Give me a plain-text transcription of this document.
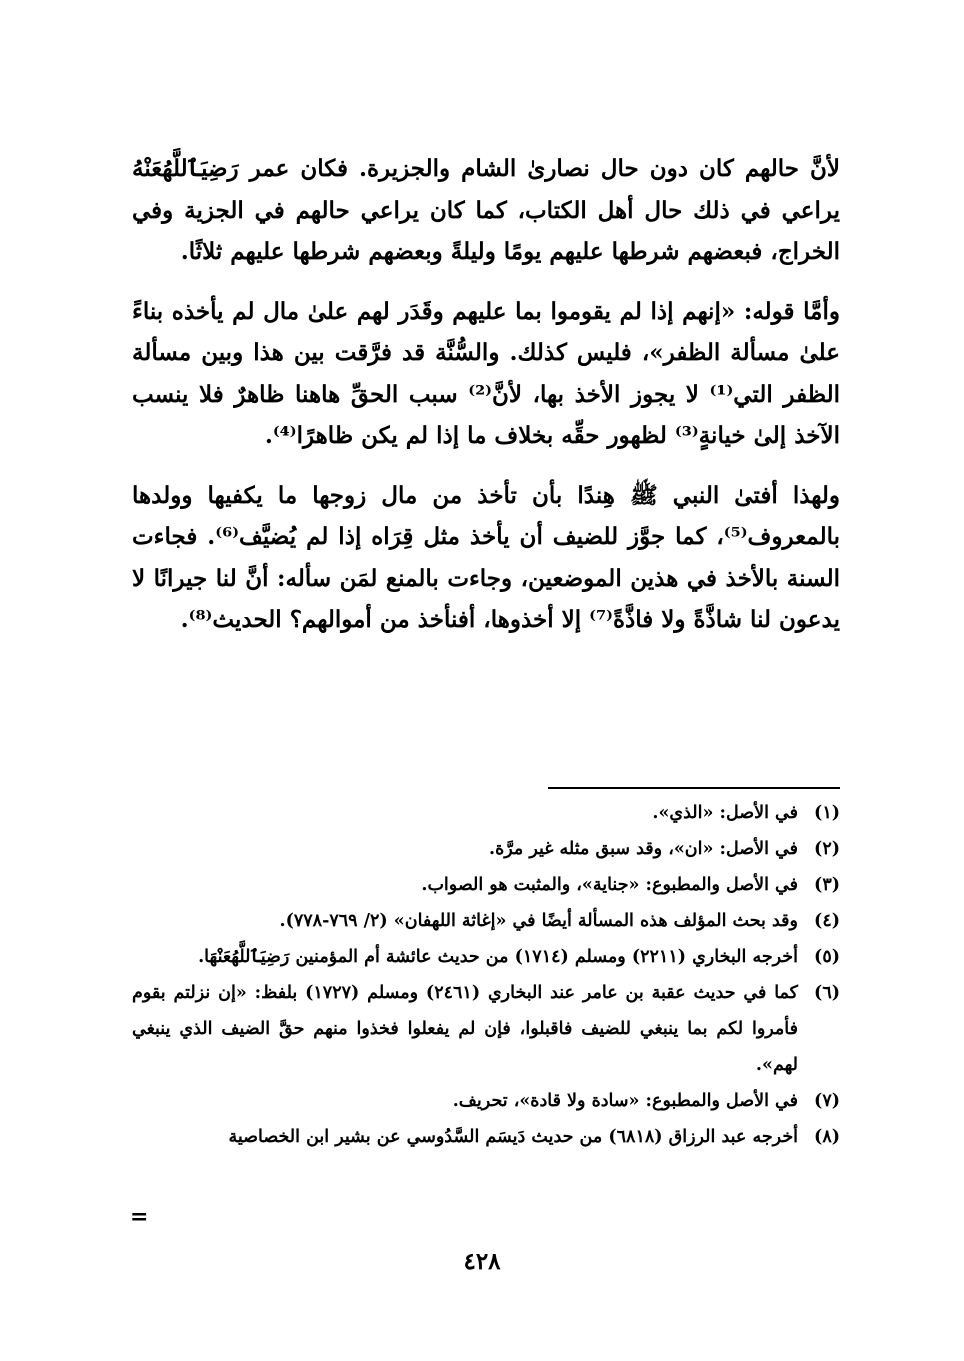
لأنَّ حالهم كان دون حال نصارىٰ الشام والجزيرة. فكان عمر رَضِيَٱللَّهُعَنْهُ يراعي في ذلك حال أهل الكتاب، كما كان يراعي حالهم في الجزية وفي الخراج، فبعضهم شرطها عليهم يومًا وليلةً وبعضهم شرطها عليهم ثلاثًا.

وأمَّا قوله: «إنهم إذا لم يقوموا بما عليهم وقَدَر لهم علىٰ مال لم يأخذه بناءً علىٰ مسألة الظفر»، فليس كذلك. والسُّنَّة قد فرَّقت بين هذا وبين مسألة الظفر التي⁽¹⁾ لا يجوز الأخذ بها، لأنَّ⁽²⁾ سبب الحقِّ هاهنا ظاهرٌ فلا ينسب الآخذ إلىٰ خيانةٍ⁽³⁾ لظهور حقِّه بخلاف ما إذا لم يكن ظاهرًا⁽⁴⁾.

ولهذا أفتىٰ النبي ﷺ هِندًا بأن تأخذ من مال زوجها ما يكفيها وولدها بالمعروف⁽⁵⁾، كما جوَّز للضيف أن يأخذ مثل قِرَاه إذا لم يُضيَّف⁽⁶⁾. فجاءت السنة بالأخذ في هذين الموضعين، وجاءت بالمنع لمَن سأله: أنَّ لنا جيرانًا لا يدعون لنا شاذَّةً ولا فاذَّةً⁽⁷⁾ إلا أخذوها، أفنأخذ من أموالهم؟ الحديث⁽⁸⁾.

(١)
في الأصل: «الذي».
(٢)
في الأصل: «ان»، وقد سبق مثله غير مرَّة.
(٣)
في الأصل والمطبوع: «جناية»، والمثبت هو الصواب.
(٤)
وقد بحث المؤلف هذه المسألة أيضًا في «إغاثة اللهفان» (٢/ ٧٦٩-٧٧٨).
(٥)
أخرجه البخاري (٢٢١١) ومسلم (١٧١٤) من حديث عائشة أم المؤمنين رَضِيَٱللَّهُعَنْهَا.
(٦)
كما في حديث عقبة بن عامر عند البخاري (٢٤٦١) ومسلم (١٧٢٧) بلفظ: «إن نزلتم بقوم فأمروا لكم بما ينبغي للضيف فاقبلوا، فإن لم يفعلوا فخذوا منهم حقَّ الضيف الذي ينبغي لهم».
(٧)
في الأصل والمطبوع: «سادة ولا قادة»، تحريف.
(٨)
أخرجه عبد الرزاق (٦٨١٨) من حديث دَيسَم السَّدُوسي عن بشير ابن الخصاصية
=
٤٢٨
